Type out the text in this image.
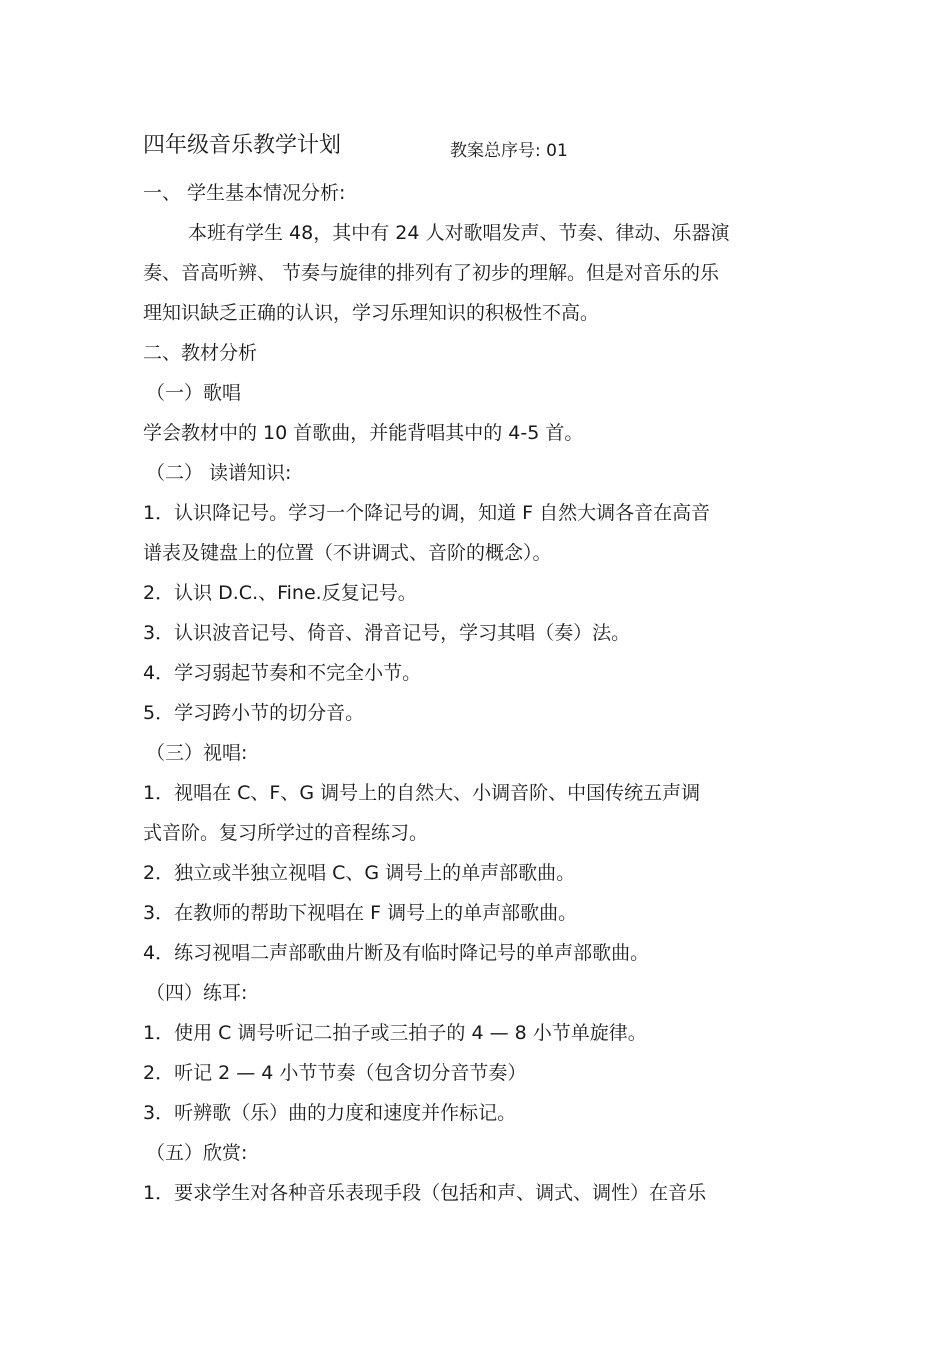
四年级音乐教学计划	教案总序号: 01
一、 学生基本情况分析:
本班有学生 48，其中有 24 人对歌唱发声、节奏、律动、乐器演
奏、音高听辨、 节奏与旋律的排列有了初步的理解。但是对音乐的乐
理知识缺乏正确的认识，学习乐理知识的积极性不高。
二、教材分析
（一）歌唱
学会教材中的 10 首歌曲，并能背唱其中的 4-5 首。
（二） 读谱知识:
1．认识降记号。学习一个降记号的调，知道 F 自然大调各音在高音
谱表及键盘上的位置（不讲调式、音阶的概念）。
2．认识 D.C.、Fine.反复记号。
3．认识波音记号、倚音、滑音记号，学习其唱（奏）法。
4．学习弱起节奏和不完全小节。
5．学习跨小节的切分音。
（三）视唱:
1．视唱在 C、F、G 调号上的自然大、小调音阶、中国传统五声调
式音阶。复习所学过的音程练习。
2．独立或半独立视唱 C、G 调号上的单声部歌曲。
3．在教师的帮助下视唱在 F 调号上的单声部歌曲。
4．练习视唱二声部歌曲片断及有临时降记号的单声部歌曲。
（四）练耳:
1．使用 C 调号听记二拍子或三拍子的 4 — 8 小节单旋律。
2．听记 2 — 4 小节节奏（包含切分音节奏）
3．听辨歌（乐）曲的力度和速度并作标记。
（五）欣赏:
1．要求学生对各种音乐表现手段（包括和声、调式、调性）在音乐
